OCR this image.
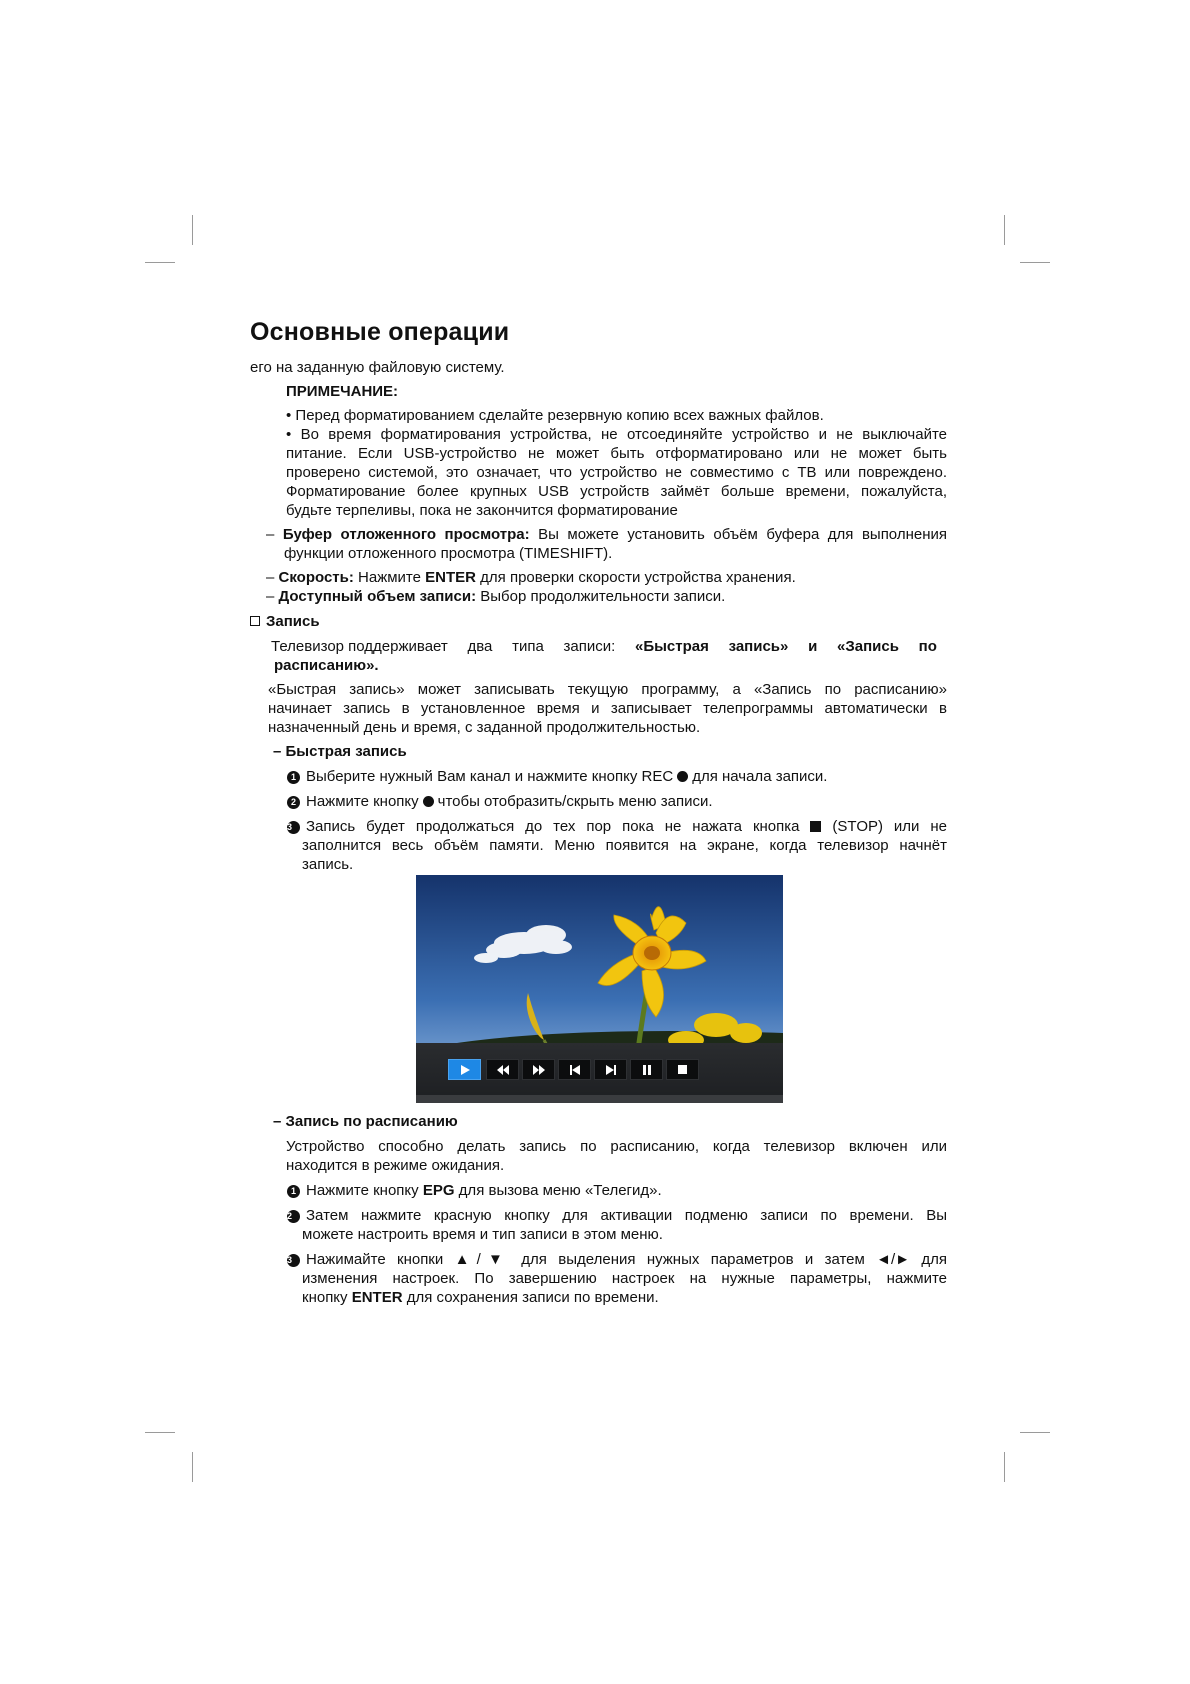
Основные операции
его на заданную файловую систему.
ПРИМЕЧАНИЕ:
• Перед форматированием сделайте резервную копию всех важных файлов.
• Во время форматирования устройства, не отсоединяйте устройство и не выключайте
питание. Если USB-устройство не может быть отформатировано или не может быть
проверено системой, это означает, что устройство не совместимо с ТВ или повреждено.
Форматирование более крупных USB устройств займёт больше времени, пожалуйста,
будьте терпеливы, пока не закончится форматирование
– Буфер отложенного просмотра: Вы можете установить объём буфера для выполнения
функции отложенного просмотра (TIMESHIFT).
– Скорость: Нажмите ENTER для проверки скорости устройства хранения.
– Доступный объем записи: Выбор продолжительности записи.
Запись
Телевизор поддерживает два типа записи: «Быстрая запись» и «Запись по
расписанию».
«Быстрая запись» может записывать текущую программу, а «Запись по расписанию»
начинает запись в установленное время и записывает телепрограммы автоматически в
назначенный день и время, с заданной продолжительностью.
– Быстрая запись
1 Выберите нужный Вам канал и нажмите кнопку REC для начала записи.
2 Нажмите кнопку чтобы отобразить/скрыть меню записи.
3 Запись будет продолжаться до тех пор пока не нажата кнопка (STOP) или не
заполнится весь объём памяти. Меню появится на экране, когда телевизор начнёт
запись.
– Запись по расписанию
Устройство способно делать запись по расписанию, когда телевизор включен или
находится в режиме ожидания.
1 Нажмите кнопку EPG для вызова меню «Телегид».
2 Затем нажмите красную кнопку для активации подменю записи по времени. Вы
можете настроить время и тип записи в этом меню.
3 Нажимайте кнопки ▲/▼ для выделения нужных параметров и затем ◄/► для
изменения настроек. По завершению настроек на нужные параметры, нажмите
кнопку ENTER для сохранения записи по времени.
